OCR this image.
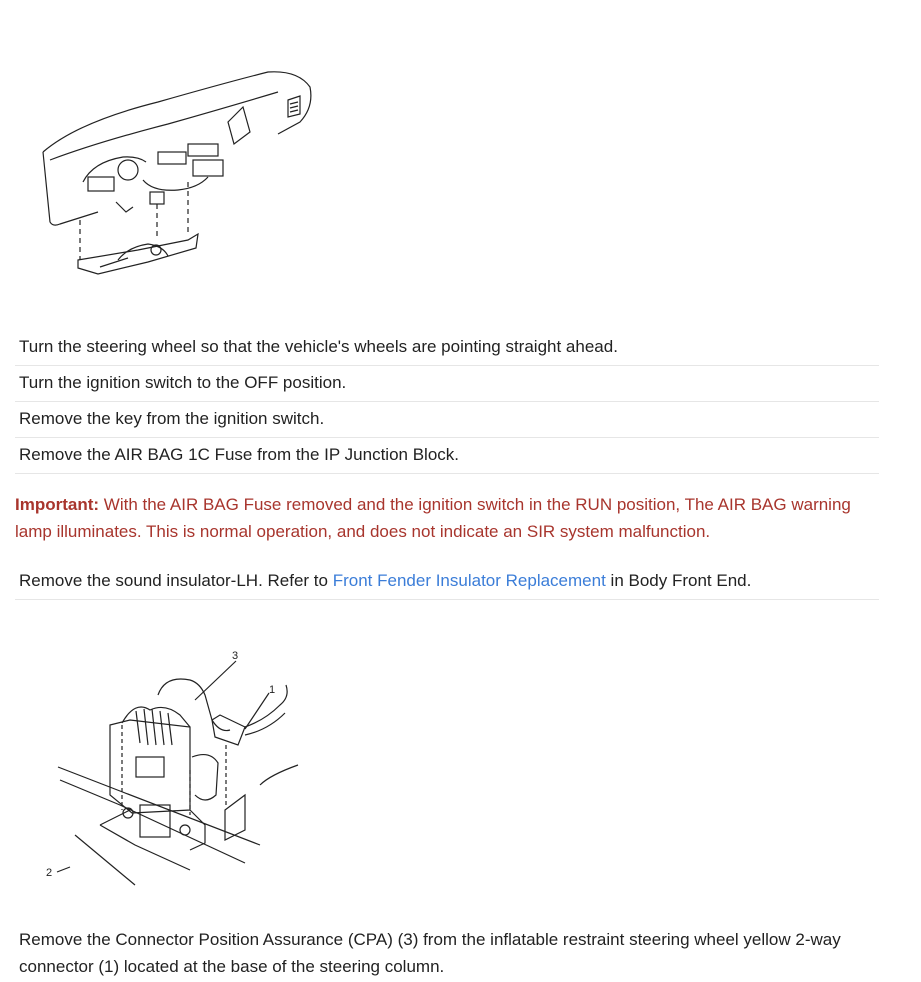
Turn the steering wheel so that the vehicle's wheels are pointing straight ahead.
Turn the ignition switch to the OFF position.
Remove the key from the ignition switch.
Remove the AIR BAG 1C Fuse from the IP Junction Block.
Important: With the AIR BAG Fuse removed and the ignition switch in the RUN position, The AIR BAG warning lamp illuminates. This is normal operation, and does not indicate an SIR system malfunction.
Remove the sound insulator-LH. Refer to Front Fender Insulator Replacement in Body Front End.
3
1
2
Remove the Connector Position Assurance (CPA) (3) from the inflatable restraint steering wheel yellow 2-way connector (1) located at the base of the steering column.
